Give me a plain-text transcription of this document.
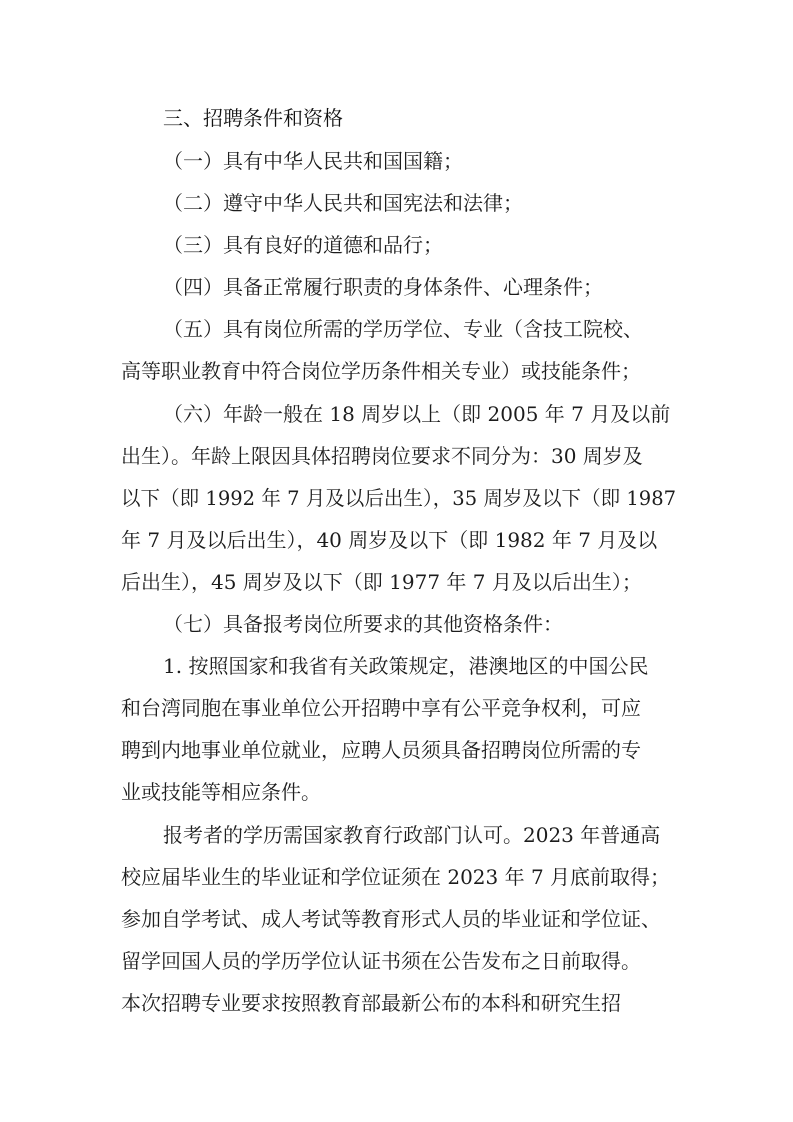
三、招聘条件和资格
（一）具有中华人民共和国国籍；
（二）遵守中华人民共和国宪法和法律；
（三）具有良好的道德和品行；
（四）具备正常履行职责的身体条件、心理条件；
（五）具有岗位所需的学历学位、专业（含技工院校、
高等职业教育中符合岗位学历条件相关专业）或技能条件；
（六）年龄一般在 18 周岁以上（即 2005 年 7 月及以前
出生）。年龄上限因具体招聘岗位要求不同分为：30 周岁及
以下（即 1992 年 7 月及以后出生），35 周岁及以下（即 1987
年 7 月及以后出生），40 周岁及以下（即 1982 年 7 月及以
后出生），45 周岁及以下（即 1977 年 7 月及以后出生）；
（七）具备报考岗位所要求的其他资格条件：
1. 按照国家和我省有关政策规定，港澳地区的中国公民
和台湾同胞在事业单位公开招聘中享有公平竞争权利，可应
聘到内地事业单位就业，应聘人员须具备招聘岗位所需的专
业或技能等相应条件。
报考者的学历需国家教育行政部门认可。2023 年普通高
校应届毕业生的毕业证和学位证须在 2023 年 7 月底前取得；
参加自学考试、成人考试等教育形式人员的毕业证和学位证、
留学回国人员的学历学位认证书须在公告发布之日前取得。
本次招聘专业要求按照教育部最新公布的本科和研究生招
